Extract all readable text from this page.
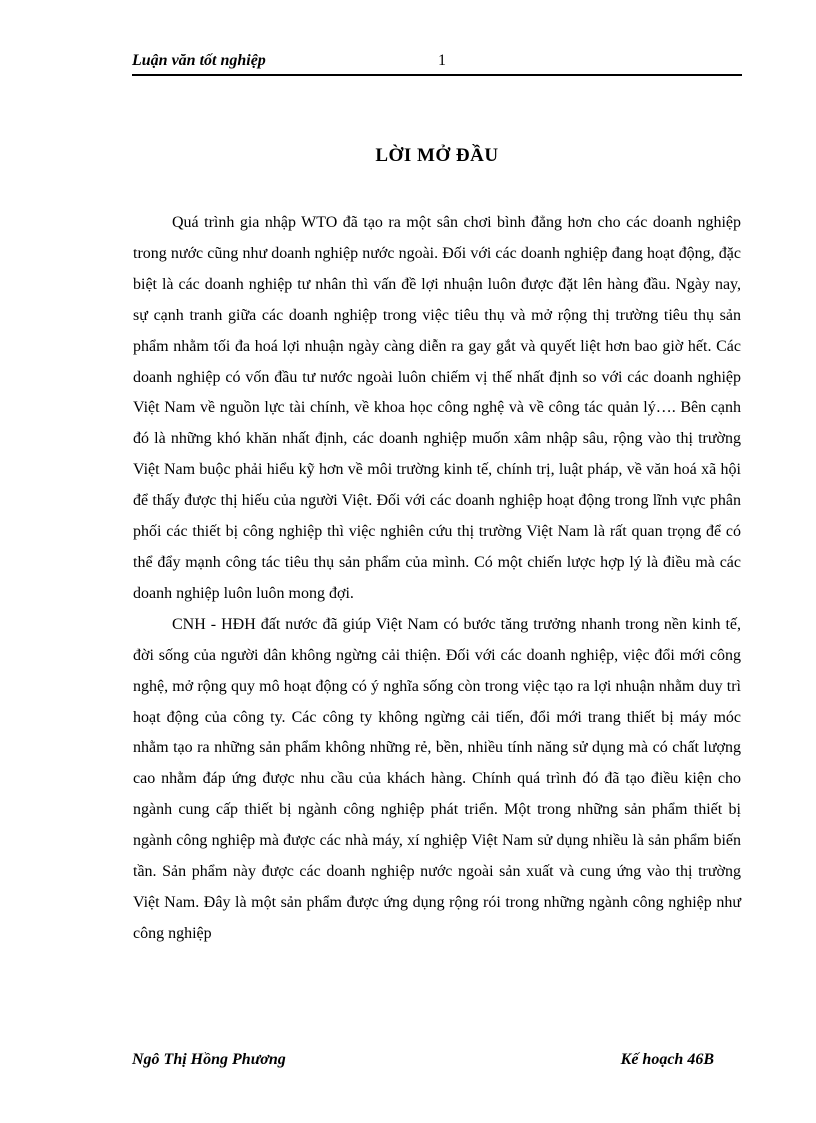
Luận văn tốt nghiệp	1
LỜI MỞ ĐẦU

Quá trình gia nhập WTO đã tạo ra một sân chơi bình đẳng hơn cho các doanh nghiệp trong nước cũng như doanh nghiệp nước ngoài. Đối với các doanh nghiệp đang hoạt động, đặc biệt là các doanh nghiệp tư nhân thì vấn đề lợi nhuận luôn được đặt lên hàng đầu. Ngày nay, sự cạnh tranh giữa các doanh nghiệp trong việc tiêu thụ và mở rộng thị trường tiêu thụ sản phẩm nhằm tối đa hoá lợi nhuận ngày càng diễn ra gay gắt và quyết liệt hơn bao giờ hết. Các doanh nghiệp có vốn đầu tư nước ngoài luôn chiếm vị thế nhất định so với các doanh nghiệp Việt Nam về nguồn lực tài chính, về khoa học công nghệ và về công tác quản lý…. Bên cạnh đó là những khó khăn nhất định, các doanh nghiệp muốn xâm nhập sâu, rộng vào thị trường Việt Nam buộc phải hiểu kỹ hơn về môi trường kinh tế, chính trị, luật pháp, về văn hoá xã hội để thấy được thị hiếu của người Việt. Đối với các doanh nghiệp hoạt động trong lĩnh vực phân phối các thiết bị công nghiệp thì việc nghiên cứu thị trường Việt Nam là rất quan trọng để có thể đẩy mạnh công tác tiêu thụ sản phẩm của mình. Có một chiến lược hợp lý là điều mà các doanh nghiệp luôn luôn mong đợi.

CNH - HĐH đất nước đã giúp Việt Nam có bước tăng trưởng nhanh trong nền kinh tế, đời sống của người dân không ngừng cải thiện. Đối với các doanh nghiệp, việc đổi mới công nghệ, mở rộng quy mô hoạt động có ý nghĩa sống còn trong việc tạo ra lợi nhuận nhằm duy trì hoạt động của công ty. Các công ty không ngừng cải tiến, đổi mới trang thiết bị máy móc nhằm tạo ra những sản phẩm không những rẻ, bền, nhiều tính năng sử dụng mà có chất lượng cao nhằm đáp ứng được nhu cầu của khách hàng. Chính quá trình đó đã tạo điều kiện cho ngành cung cấp thiết bị ngành công nghiệp phát triển. Một trong những sản phẩm thiết bị ngành công nghiệp mà được các nhà máy, xí nghiệp Việt Nam sử dụng nhiều là sản phẩm biến tần. Sản phẩm này được các doanh nghiệp nước ngoài sản xuất và cung ứng vào thị trường Việt Nam. Đây là một sản phẩm được ứng dụng rộng rói trong những ngành công nghiệp như công nghiệp

Ngô Thị Hồng Phương	Kế hoạch 46B
